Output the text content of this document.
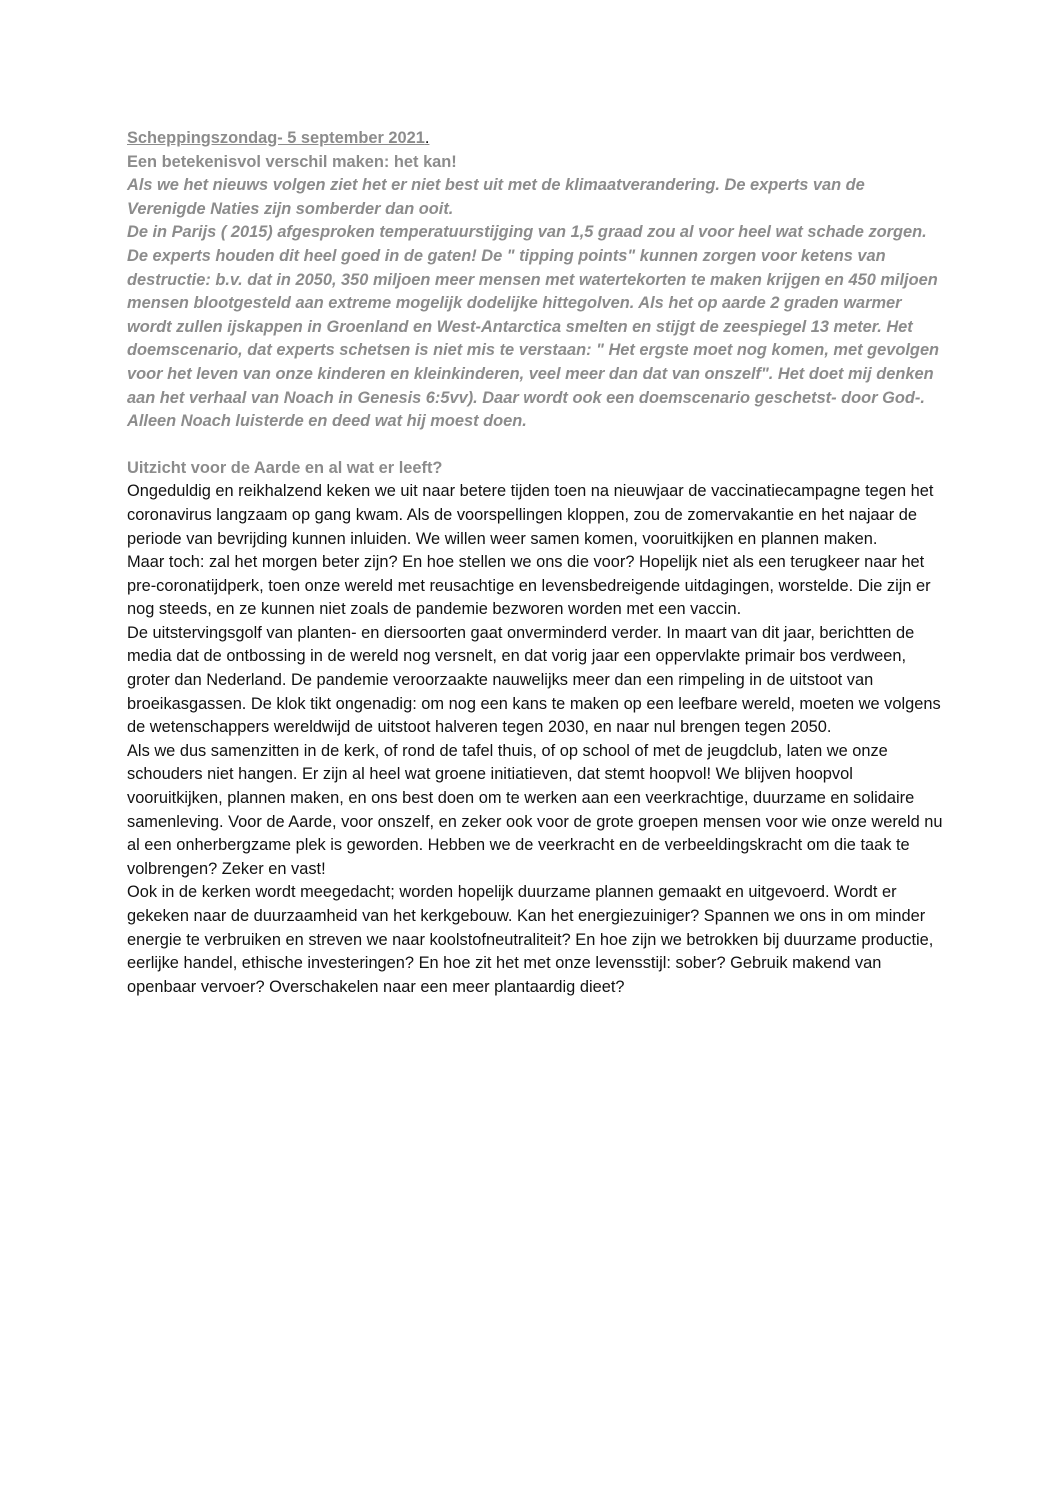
Scheppingszondag- 5 september 2021.

Een betekenisvol verschil maken: het kan!

Als we het nieuws volgen ziet het er niet best uit met de klimaatverandering. De experts van de Verenigde Naties zijn somberder dan ooit.

De in Parijs ( 2015) afgesproken temperatuurstijging van 1,5 graad zou al voor heel wat schade zorgen. De experts houden dit heel goed in de gaten! De " tipping points" kunnen zorgen voor ketens van destructie: b.v. dat in 2050, 350 miljoen meer mensen met watertekorten te maken krijgen en 450 miljoen mensen blootgesteld aan extreme mogelijk dodelijke hittegolven. Als het op aarde 2 graden warmer wordt zullen ijskappen in Groenland en West-Antarctica smelten en stijgt de zeespiegel 13 meter. Het doemscenario, dat experts schetsen is niet mis te verstaan: " Het ergste moet nog komen, met gevolgen voor het leven van onze kinderen en kleinkinderen, veel meer dan dat van onszelf". Het doet mij denken aan het verhaal van Noach in Genesis 6:5vv). Daar wordt ook een doemscenario geschetst- door God-. Alleen Noach luisterde en deed wat hij moest doen.

Uitzicht voor de Aarde en al wat er leeft?

Ongeduldig en reikhalzend keken we uit naar betere tijden toen na nieuwjaar de vaccinatiecampagne tegen het coronavirus langzaam op gang kwam. Als de voorspellingen kloppen, zou de zomervakantie en het najaar de periode van bevrijding kunnen inluiden. We willen weer samen komen, vooruitkijken en plannen maken.

Maar toch: zal het morgen beter zijn? En hoe stellen we ons die voor? Hopelijk niet als een terugkeer naar het pre-coronatijdperk, toen onze wereld met reusachtige en levensbedreigende uitdagingen, worstelde. Die zijn er nog steeds, en ze kunnen niet zoals de pandemie bezworen worden met een vaccin.

De uitstervingsgolf van planten- en diersoorten gaat onverminderd verder. In maart van dit jaar, berichtten de media dat de ontbossing in de wereld nog versnelt, en dat vorig jaar een oppervlakte primair bos verdween, groter dan Nederland. De pandemie veroorzaakte nauwelijks meer dan een rimpeling in de uitstoot van broeikasgassen. De klok tikt ongenadig: om nog een kans te maken op een leefbare wereld, moeten we volgens de wetenschappers wereldwijd de uitstoot halveren tegen 2030, en naar nul brengen tegen 2050.

Als we dus samenzitten in de kerk, of rond de tafel thuis, of op school of met de jeugdclub, laten we onze schouders niet hangen. Er zijn al heel wat groene initiatieven, dat stemt hoopvol! We blijven hoopvol vooruitkijken, plannen maken, en ons best doen om te werken aan een veerkrachtige, duurzame en solidaire samenleving. Voor de Aarde, voor onszelf, en zeker ook voor de grote groepen mensen voor wie onze wereld nu al een onherbergzame plek is geworden. Hebben we de veerkracht en de verbeeldingskracht om die taak te volbrengen? Zeker en vast!

Ook in de kerken wordt meegedacht; worden hopelijk duurzame plannen gemaakt en uitgevoerd. Wordt er gekeken naar de duurzaamheid van het kerkgebouw. Kan het energiezuiniger? Spannen we ons in om minder energie te verbruiken en streven we naar koolstofneutraliteit? En hoe zijn we betrokken bij duurzame productie, eerlijke handel, ethische investeringen? En hoe zit het met onze levensstijl: sober? Gebruik makend van openbaar vervoer? Overschakelen naar een meer plantaardig dieet?
